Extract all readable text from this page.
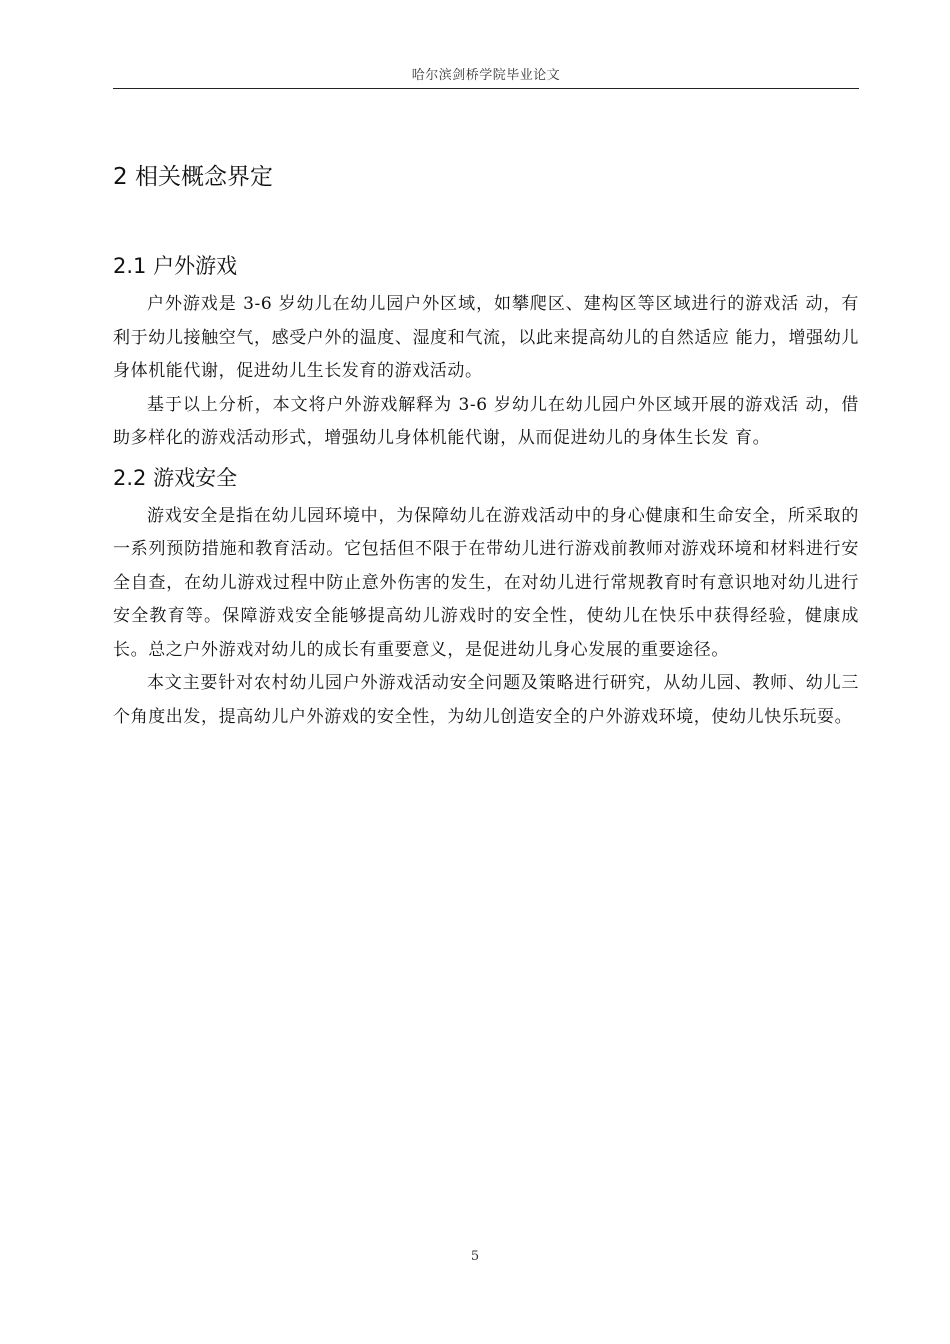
哈尔滨剑桥学院毕业论文
2 相关概念界定
2.1 户外游戏

户外游戏是 3-6 岁幼儿在幼儿园户外区域，如攀爬区、建构区等区域进行的游戏活 动，有利于幼儿接触空气，感受户外的温度、湿度和气流，以此来提高幼儿的自然适应 能力，增强幼儿身体机能代谢，促进幼儿生长发育的游戏活动。

基于以上分析，本文将户外游戏解释为 3-6 岁幼儿在幼儿园户外区域开展的游戏活 动，借助多样化的游戏活动形式，增强幼儿身体机能代谢，从而促进幼儿的身体生长发 育。

2.2 游戏安全

游戏安全是指在幼儿园环境中，为保障幼儿在游戏活动中的身心健康和生命安全，所采取的一系列预防措施和教育活动。它包括但不限于在带幼儿进行游戏前教师对游戏环境和材料进行安全自查，在幼儿游戏过程中防止意外伤害的发生，在对幼儿进行常规教育时有意识地对幼儿进行安全教育等。保障游戏安全能够提高幼儿游戏时的安全性，使幼儿在快乐中获得经验，健康成长。总之户外游戏对幼儿的成长有重要意义，是促进幼儿身心发展的重要途径。

本文主要针对农村幼儿园户外游戏活动安全问题及策略进行研究，从幼儿园、教师、幼儿三个角度出发，提高幼儿户外游戏的安全性，为幼儿创造安全的户外游戏环境，使幼儿快乐玩耍。

5
